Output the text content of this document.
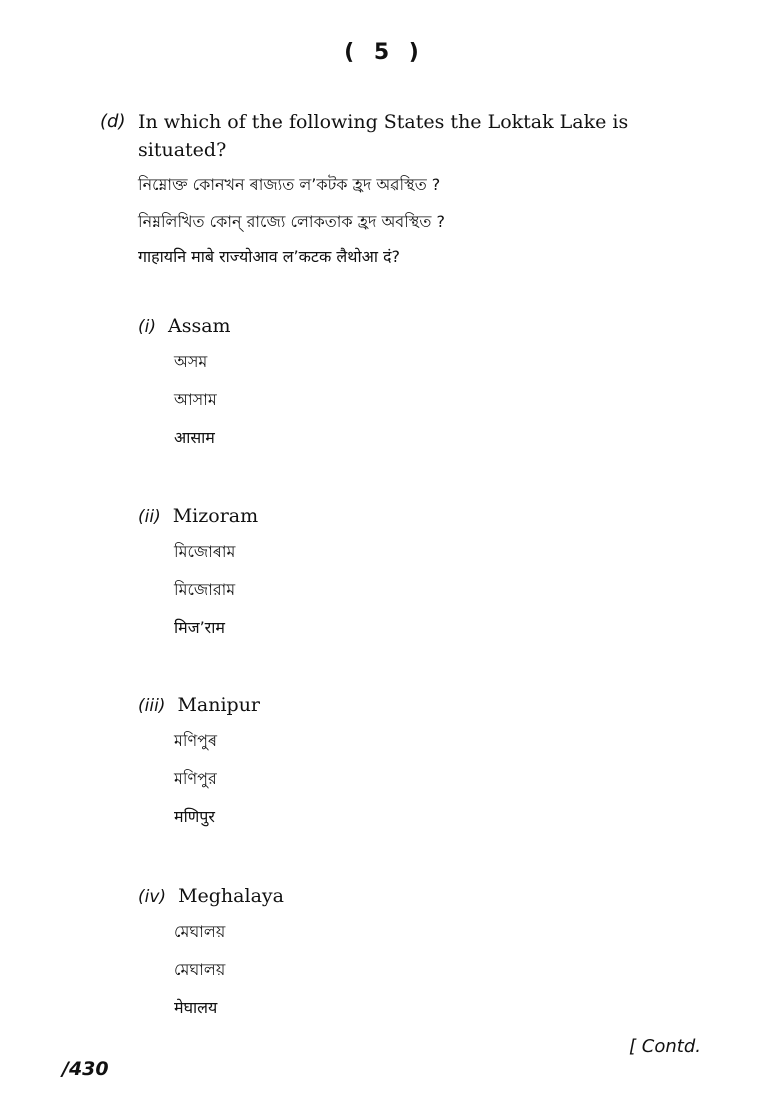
( 5 )
(d) In which of the following States the Loktak Lake is situated?
নিম্নোক্ত কোনখন ৰাজ্যত ল’কটক হ্রদ অৱস্থিত ?
নিম্নলিখিত কোন্ রাজ্যে লোকতাক হ্রদ অবস্থিত ?
गाहायनि माबे राज्योआव ल’कटक लैथोआ दं?
(i) Assam
অসম
আসাম
आसाम
(ii) Mizoram
মিজোৰাম
মিজোরাম
मिज’राम
(iii) Manipur
মণিপুৰ
মণিপুর
मणिपुर
(iv) Meghalaya
মেঘালয়
মেঘালয়
मेघालय
[ Contd.
/430
